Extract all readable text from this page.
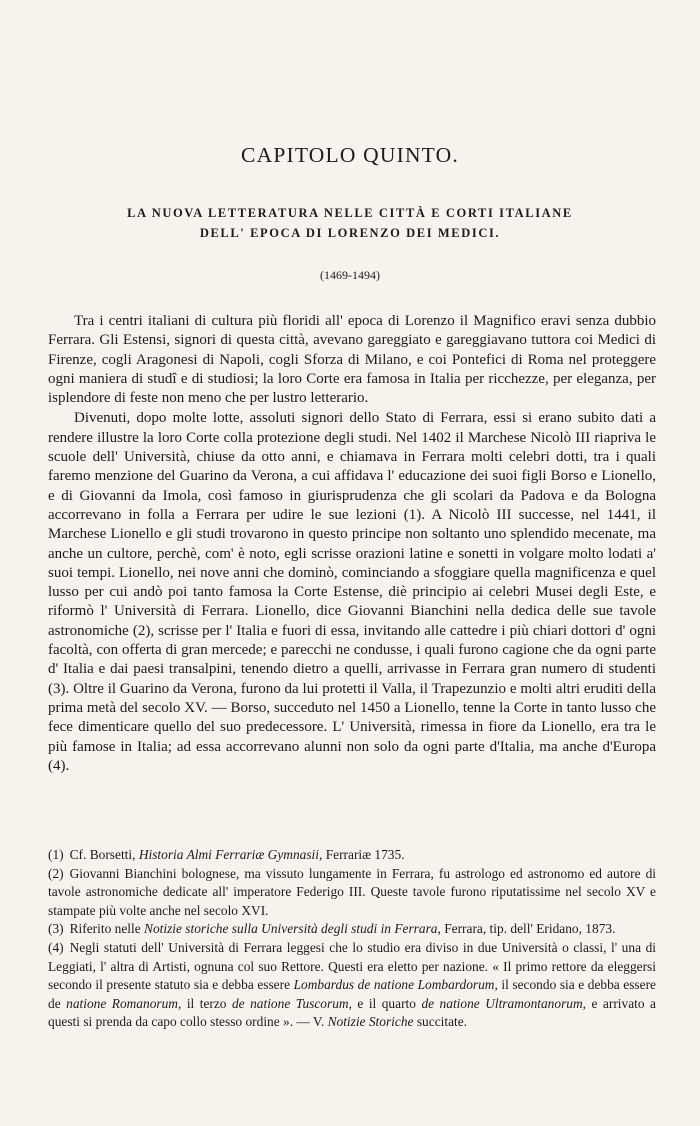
CAPITOLO QUINTO.
LA NUOVA LETTERATURA NELLE CITTÀ E CORTI ITALIANE
DELL' EPOCA DI LORENZO DEI MEDICI.
(1469-1494)

Tra i centri italiani di cultura più floridi all' epoca di Lorenzo il Magnifico eravi senza dubbio Ferrara. Gli Estensi, signori di questa città, avevano gareggiato e gareggiavano tuttora coi Medici di Firenze, cogli Aragonesi di Napoli, cogli Sforza di Milano, e coi Pontefici di Roma nel proteggere ogni maniera di studî e di studiosi; la loro Corte era famosa in Italia per ricchezze, per eleganza, per isplendore di feste non meno che per lustro letterario.

Divenuti, dopo molte lotte, assoluti signori dello Stato di Ferrara, essi si erano subito dati a rendere illustre la loro Corte colla protezione degli studi. Nel 1402 il Marchese Nicolò III riapriva le scuole dell' Università, chiuse da otto anni, e chiamava in Ferrara molti celebri dotti, tra i quali faremo menzione del Guarino da Verona, a cui affidava l' educazione dei suoi figli Borso e Lionello, e di Giovanni da Imola, così famoso in giurisprudenza che gli scolari da Padova e da Bologna accorrevano in folla a Ferrara per udire le sue lezioni (1). A Nicolò III successe, nel 1441, il Marchese Lionello e gli studi trovarono in questo principe non soltanto uno splendido mecenate, ma anche un cultore, perchè, com' è noto, egli scrisse orazioni latine e sonetti in volgare molto lodati a' suoi tempi. Lionello, nei nove anni che dominò, cominciando a sfoggiare quella magnificenza e quel lusso per cui andò poi tanto famosa la Corte Estense, diè principio ai celebri Musei degli Este, e riformò l' Università di Ferrara. Lionello, dice Giovanni Bianchini nella dedica delle sue tavole astronomiche (2), scrisse per l' Italia e fuori di essa, invitando alle cattedre i più chiari dottori d' ogni facoltà, con offerta di gran mercede; e parecchi ne condusse, i quali furono cagione che da ogni parte d' Italia e dai paesi transalpini, tenendo dietro a quelli, arrivasse in Ferrara gran numero di studenti (3). Oltre il Guarino da Verona, furono da lui protetti il Valla, il Trapezunzio e molti altri eruditi della prima metà del secolo XV. — Borso, succeduto nel 1450 a Lionello, tenne la Corte in tanto lusso che fece dimenticare quello del suo predecessore. L' Università, rimessa in fiore da Lionello, era tra le più famose in Italia; ad essa accorrevano alunni non solo da ogni parte d'Italia, ma anche d'Europa (4).

(1) Cf. Borsetti, Historia Almi Ferrariæ Gymnasii, Ferrariæ 1735.

(2) Giovanni Bianchini bolognese, ma vissuto lungamente in Ferrara, fu astrologo ed astronomo ed autore di tavole astronomiche dedicate all' imperatore Federigo III. Queste tavole furono riputatissime nel secolo XV e stampate più volte anche nel secolo XVI.

(3) Riferito nelle Notizie storiche sulla Università degli studi in Ferrara, Ferrara, tip. dell' Eridano, 1873.

(4) Negli statuti dell' Università di Ferrara leggesi che lo studio era diviso in due Università o classi, l' una di Leggiati, l' altra di Artisti, ognuna col suo Rettore. Questi era eletto per nazione. « Il primo rettore da eleggersi secondo il presente statuto sia e debba essere Lombardus de natione Lombardorum, il secondo sia e debba essere de natione Romanorum, il terzo de natione Tuscorum, e il quarto de natione Ultramontanorum, e arrivato a questi si prenda da capo collo stesso ordine ». — V. Notizie Storiche succitate.
